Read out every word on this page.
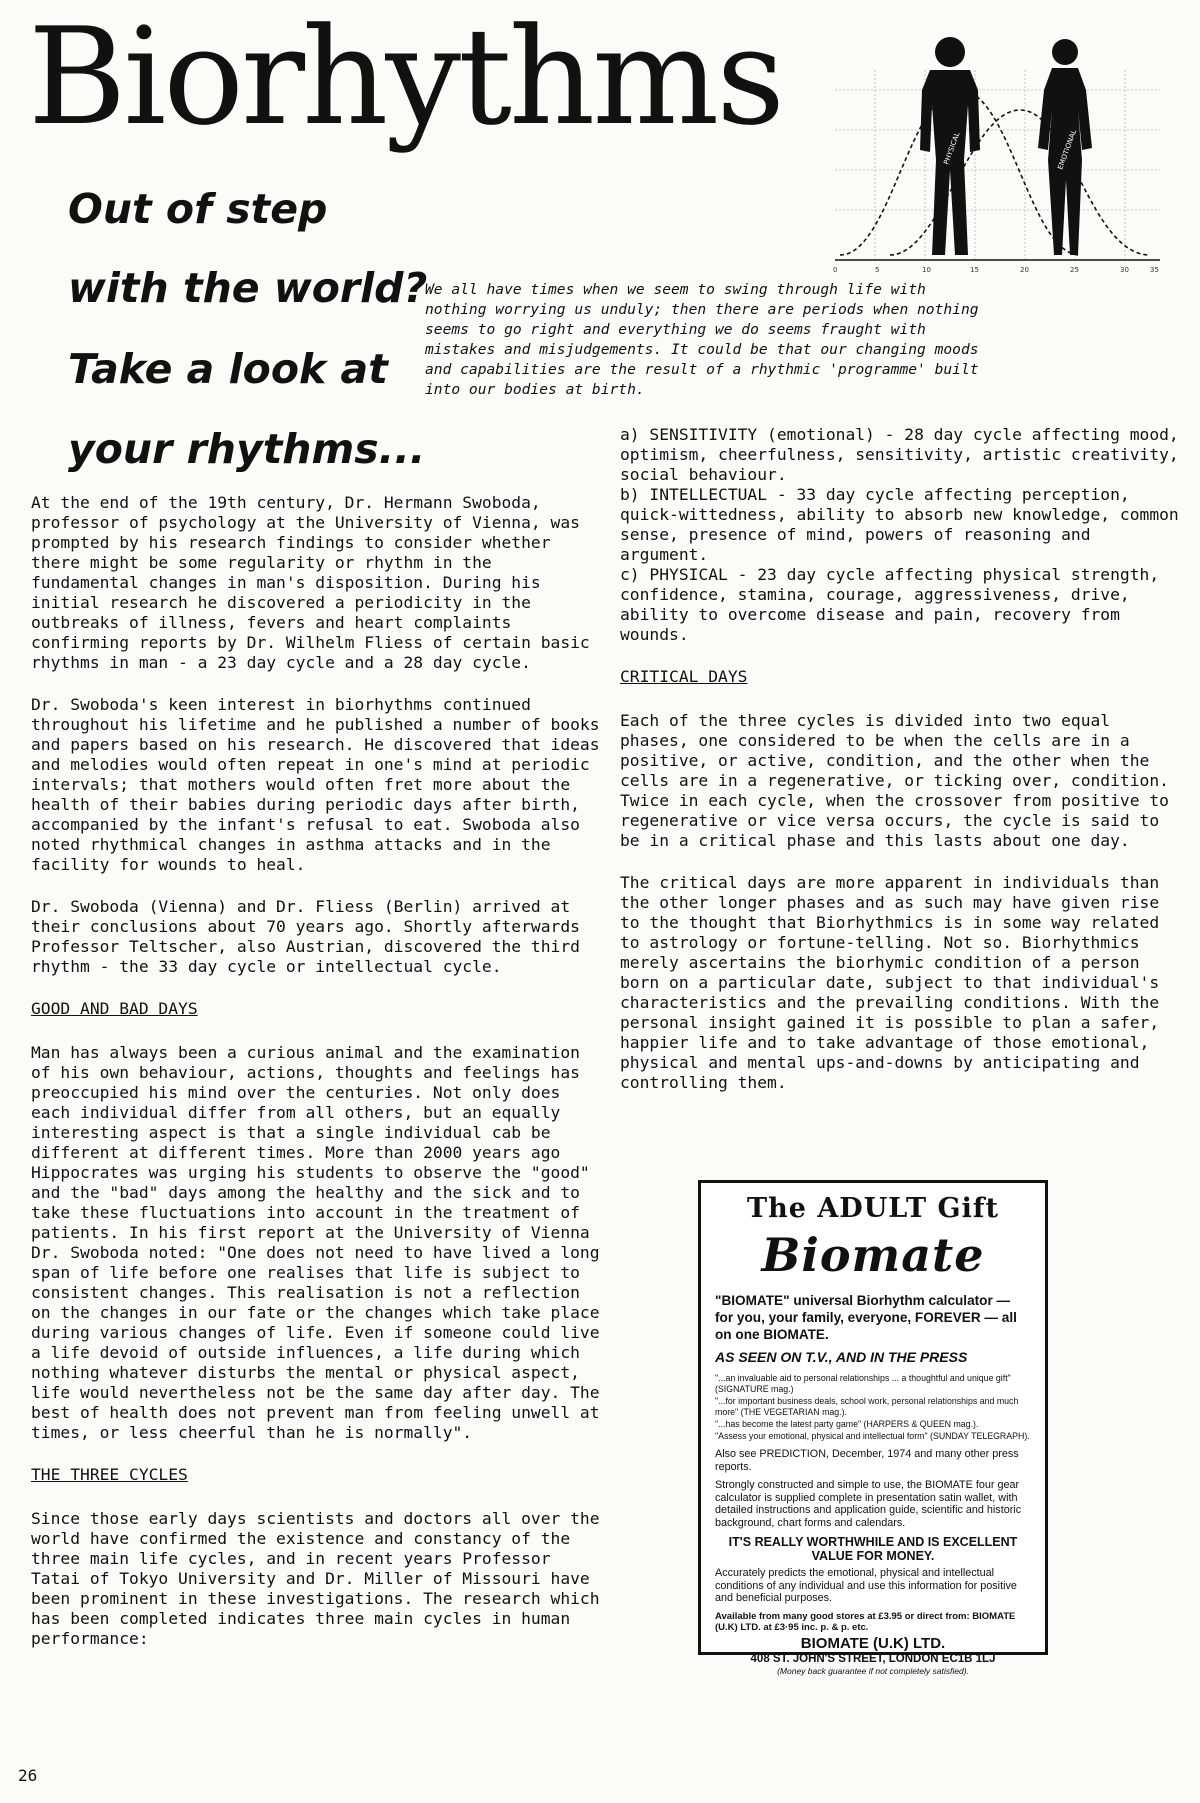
Biorhythms	PHYSICAL	EMOTIONAL
0	5	10	15	20	25	30	35

Out of step

with the world?

Take a look at

your rhythms...

We all have times when we seem to swing through life with nothing worrying us unduly; then there are periods when nothing seems to go right and everything we do seems fraught with mistakes and misjudgements. It could be that our changing moods and capabilities are the result of a rhythmic 'programme' built into our bodies at birth.

At the end of the 19th century, Dr. Hermann Swoboda, professor of psychology at the University of Vienna, was prompted by his research findings to consider whether there might be some regularity or rhythm in the fundamental changes in man's disposition. During his initial research he discovered a periodicity in the outbreaks of illness, fevers and heart complaints confirming reports by Dr. Wilhelm Fliess of certain basic rhythms in man - a 23 day cycle and a 28 day cycle.

Dr. Swoboda's keen interest in biorhythms continued throughout his lifetime and he published a number of books and papers based on his research. He discovered that ideas and melodies would often repeat in one's mind at periodic intervals; that mothers would often fret more about the health of their babies during periodic days after birth, accompanied by the infant's refusal to eat. Swoboda also noted rhythmical changes in asthma attacks and in the facility for wounds to heal.

Dr. Swoboda (Vienna) and Dr. Fliess (Berlin) arrived at their conclusions about 70 years ago. Shortly afterwards Professor Teltscher, also Austrian, discovered the third rhythm - the 33 day cycle or intellectual cycle.

GOOD AND BAD DAYS

Man has always been a curious animal and the examination of his own behaviour, actions, thoughts and feelings has preoccupied his mind over the centuries. Not only does each individual differ from all others, but an equally interesting aspect is that a single individual cab be different at different times. More than 2000 years ago Hippocrates was urging his students to observe the "good" and the "bad" days among the healthy and the sick and to take these fluctuations into account in the treatment of patients. In his first report at the University of Vienna Dr. Swoboda noted: "One does not need to have lived a long span of life before one realises that life is subject to consistent changes. This realisation is not a reflection on the changes in our fate or the changes which take place during various changes of life. Even if someone could live a life devoid of outside influences, a life during which nothing whatever disturbs the mental or physical aspect, life would nevertheless not be the same day after day. The best of health does not prevent man from feeling unwell at times, or less cheerful than he is normally".

THE THREE CYCLES

Since those early days scientists and doctors all over the world have confirmed the existence and constancy of the three main life cycles, and in recent years Professor Tatai of Tokyo University and Dr. Miller of Missouri have been prominent in these investigations. The research which has been completed indicates three main cycles in human performance:

a) SENSITIVITY (emotional) - 28 day cycle affecting mood, optimism, cheerfulness, sensitivity, artistic creativity, social behaviour.

b) INTELLECTUAL - 33 day cycle affecting perception, quick-wittedness, ability to absorb new knowledge, common sense, presence of mind, powers of reasoning and argument.

c) PHYSICAL - 23 day cycle affecting physical strength, confidence, stamina, courage, aggressiveness, drive, ability to overcome disease and pain, recovery from wounds.

CRITICAL DAYS

Each of the three cycles is divided into two equal phases, one considered to be when the cells are in a positive, or active, condition, and the other when the cells are in a regenerative, or ticking over, condition. Twice in each cycle, when the crossover from positive to regenerative or vice versa occurs, the cycle is said to be in a critical phase and this lasts about one day.

The critical days are more apparent in individuals than the other longer phases and as such may have given rise to the thought that Biorhythmics is in some way related to astrology or fortune-telling. Not so. Biorhythmics merely ascertains the biorhymic condition of a person born on a particular date, subject to that individual's characteristics and the prevailing conditions. With the personal insight gained it is possible to plan a safer, happier life and to take advantage of those emotional, physical and mental ups-and-downs by anticipating and controlling them.

The ADULT Gift

Biomate

"BIOMATE" universal Biorhythm calculator — for you, your family, everyone, FOREVER — all on one BIOMATE.

AS SEEN ON T.V., AND IN THE PRESS

"...an invaluable aid to personal relationships ... a thoughtful and unique gift" (SIGNATURE mag.)

"...for important business deals, school work, personal relationships and much more" (THE VEGETARIAN mag.).

"...has become the latest party game" (HARPERS & QUEEN mag.).

"Assess your emotional, physical and intellectual form" (SUNDAY TELEGRAPH).

Also see PREDICTION, December, 1974 and many other press reports.

Strongly constructed and simple to use, the BIOMATE four gear calculator is supplied complete in presentation satin wallet, with detailed instructions and application guide, scientific and historic background, chart forms and calendars.

IT'S REALLY WORTHWHILE AND IS EXCELLENT VALUE FOR MONEY.

Accurately predicts the emotional, physical and intellectual conditions of any individual and use this information for positive and beneficial purposes.

Available from many good stores at £3.95 or direct from: BIOMATE (U.K) LTD. at £3·95 inc. p. & p. etc.

BIOMATE (U.K) LTD.

408 ST. JOHN'S STREET, LONDON EC1B 1LJ

(Money back guarantee if not completely satisfied).

26
